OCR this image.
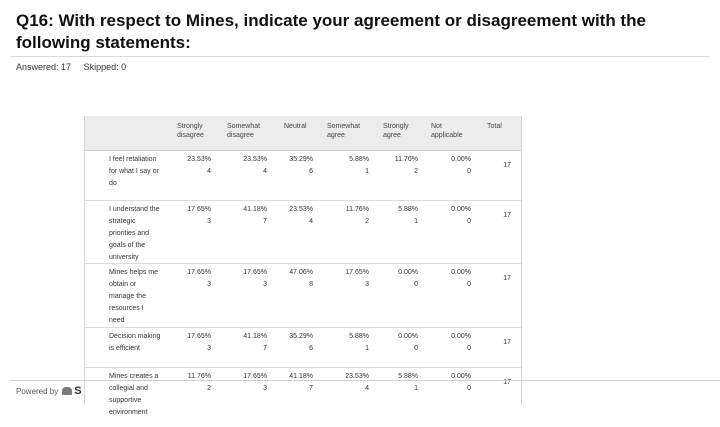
Q16: With respect to Mines, indicate your agreement or disagreement with the following statements:
Answered: 17 Skipped: 0
Strongly disagree
Somewhat disagree
Neutral	Somewhat agree
Strongly agree
Not applicable
Total
I feel retaliation for what I say or do
23.53%
4
23.53%
4
35.29%
6
5.88%
1
11.76%
2
0.00%
0
17
I understand the strategic priorities and goals of the university
17.65%
3
41.18%
7
23.53%
4
11.76%
2
5.88%
1
0.00%
0
17
Mines helps me obtain or manage the resources I need
17.65%
3
17.65%
3
47.06%
8
17.65%
3
0.00%
0
0.00%
0
17
Decision making is efficient
17.65%
3
41.18%
7
35.29%
6
5.88%
1
0.00%
0
0.00%
0
17
Mines creates a collegial and supportive environment
11.76%
2
17.65%
3
41.18%
7
23.53%
4
5.88%
1
0.00%
0
17
Powered by S
